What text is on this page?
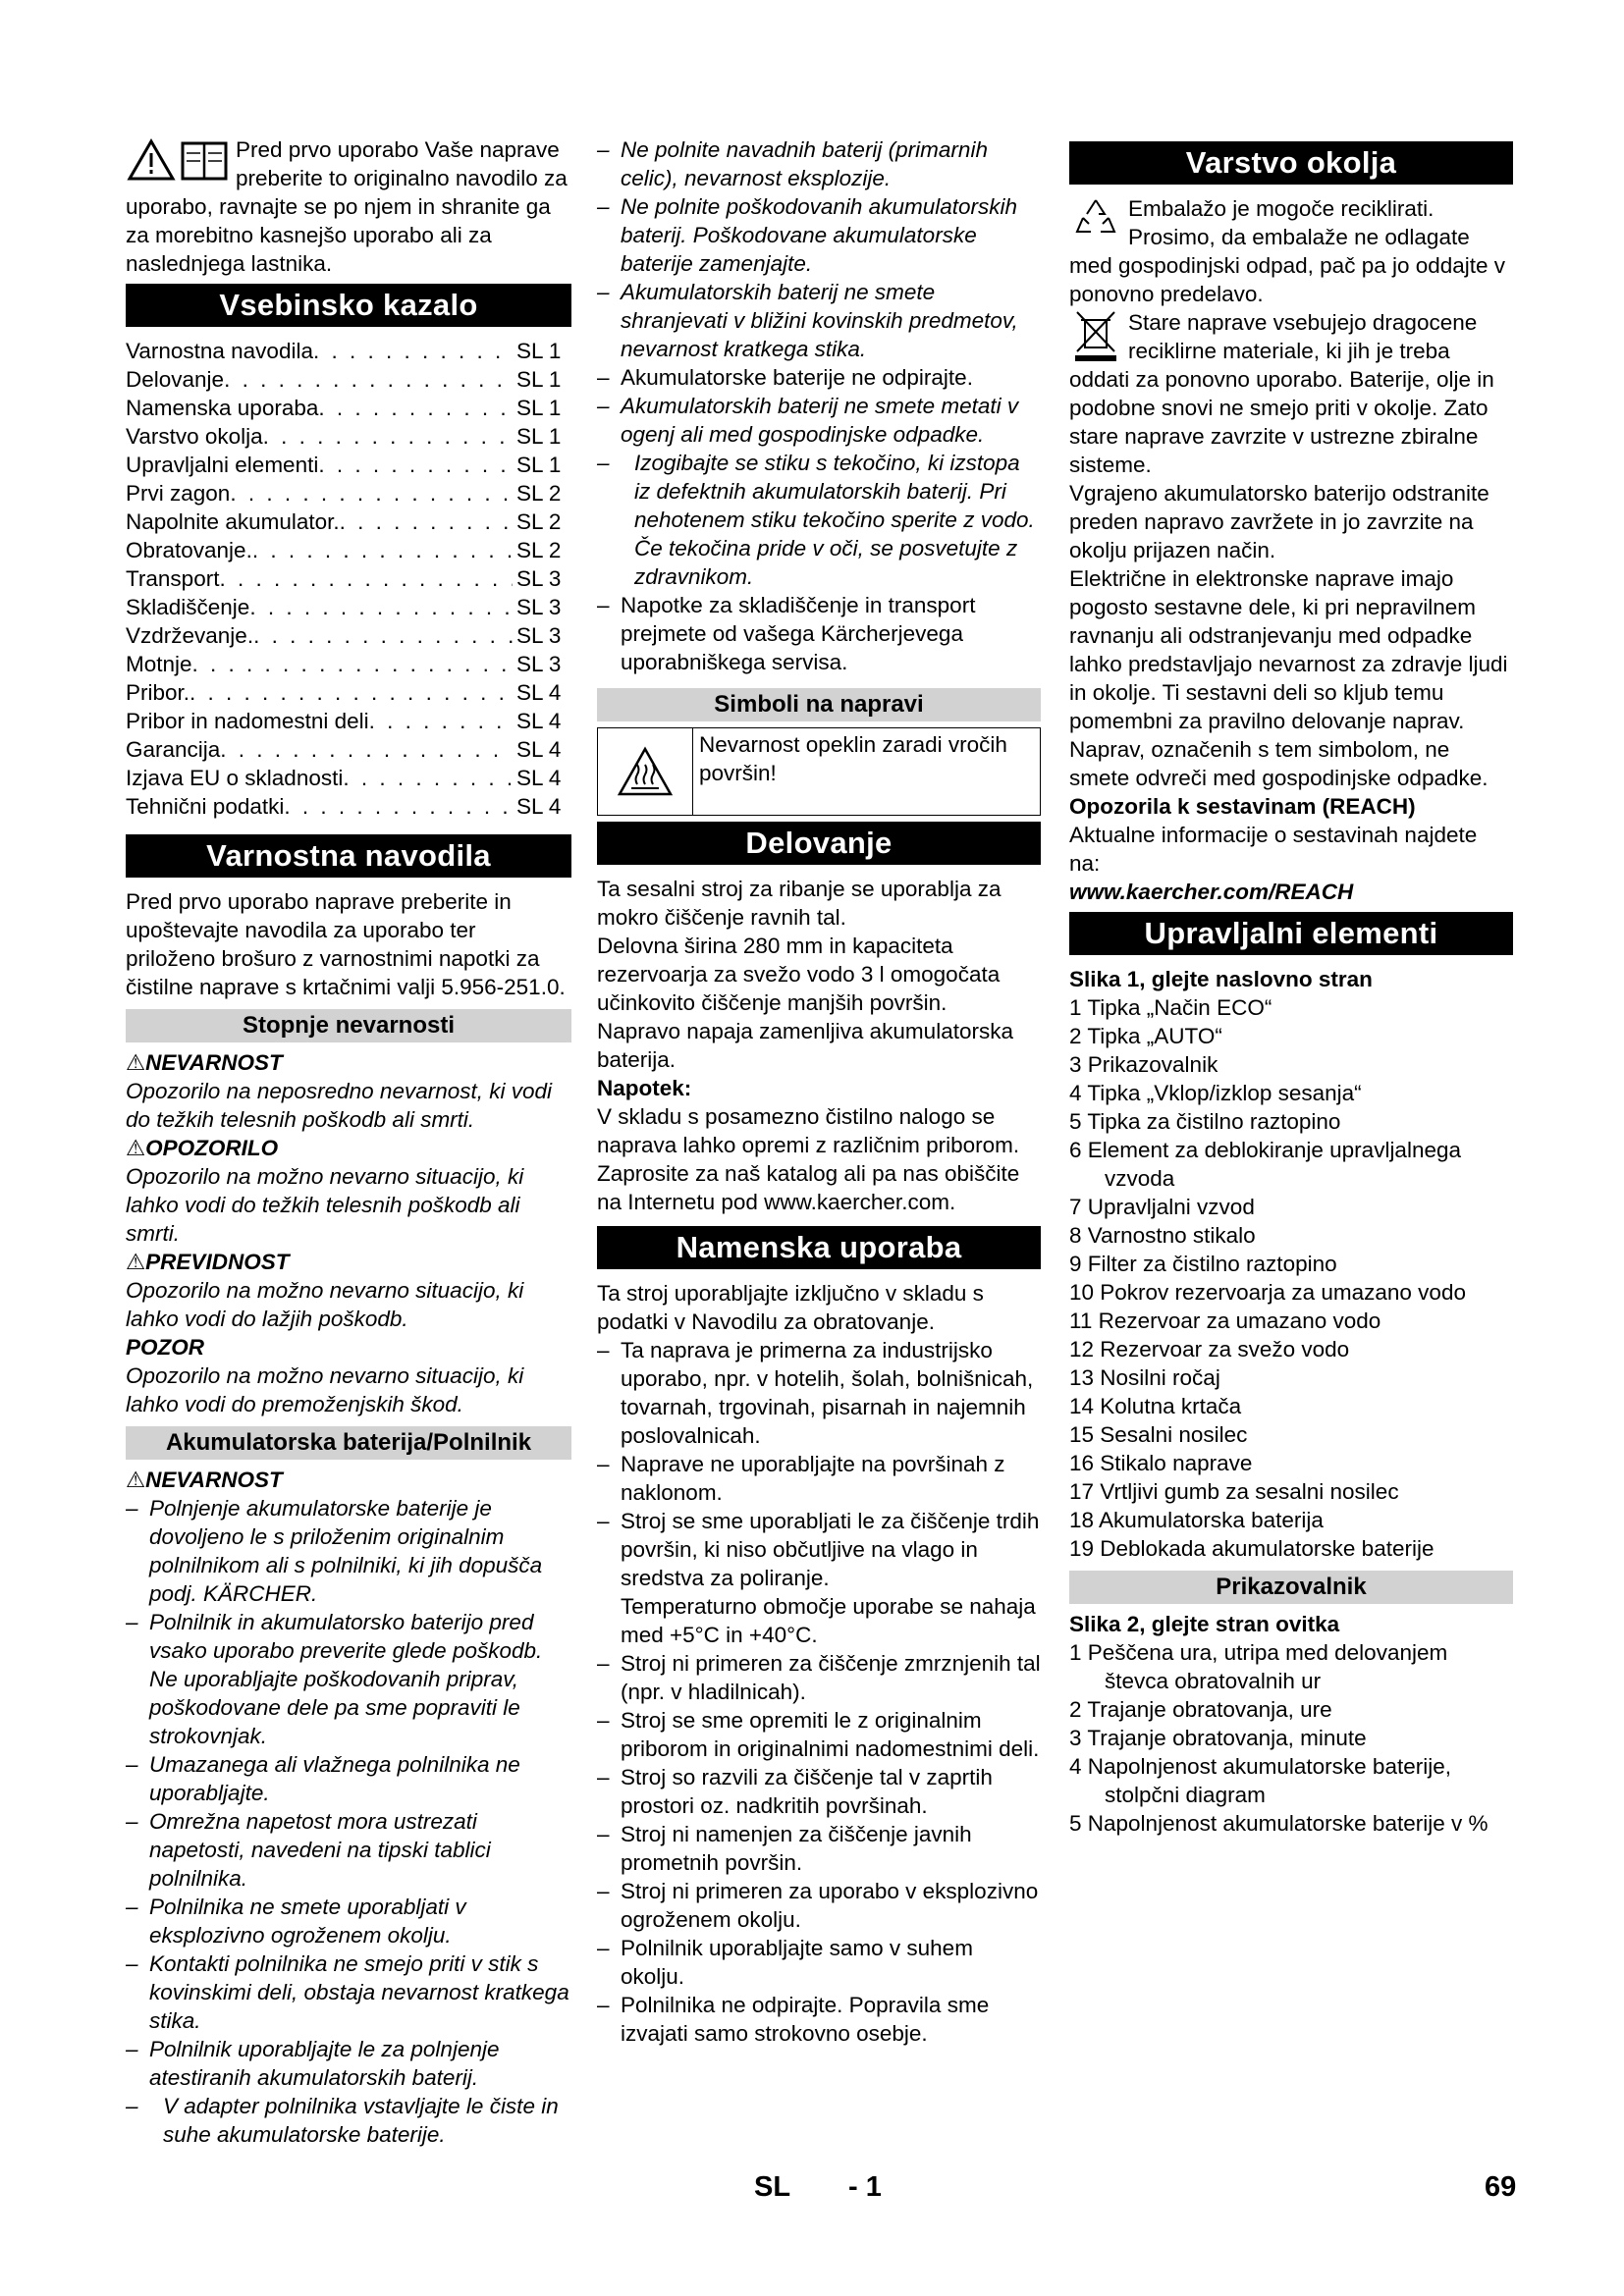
Pred prvo uporabo Vaše naprave preberite to originalno navodilo za uporabo, ravnajte se po njem in shranite ga za morebitno kasnejšo uporabo ali za naslednjega lastnika.

Vsebinsko kazalo
Varnostna navodila . . .	SL 1
Delovanje . . .	SL 1
Namenska uporaba . . .	SL 1
Varstvo okolja . . .	SL 1
Upravljalni elementi . . .	SL 1
Prvi zagon . . .	SL 2
Napolnite akumulator. . . .	SL 2
Obratovanje. . . .	SL 2
Transport . . .	SL 3
Skladiščenje . . .	SL 3
Vzdrževanje. . . .	SL 3
Motnje . . .	SL 3
Pribor. . . .	SL 4
Pribor in nadomestni deli . . .	SL 4
Garancija . . .	SL 4
Izjava EU o skladnosti . . .	SL 4
Tehnični podatki . . .	SL 4
Varnostna navodila

Pred prvo uporabo naprave preberite in upoštevajte navodila za uporabo ter priloženo brošuro z varnostnimi napotki za čistilne naprave s krtačnimi valji 5.956-251.0.

Stopnje nevarnosti

⚠NEVARNOST

Opozorilo na neposredno nevarnost, ki vodi do težkih telesnih poškodb ali smrti.

⚠OPOZORILO

Opozorilo na možno nevarno situacijo, ki lahko vodi do težkih telesnih poškodb ali smrti.

⚠PREVIDNOST

Opozorilo na možno nevarno situacijo, ki lahko vodi do lažjih poškodb.

POZOR

Opozorilo na možno nevarno situacijo, ki lahko vodi do premoženjskih škod.

Akumulatorska baterija/Polnilnik

⚠NEVARNOST

– Polnjenje akumulatorske baterije je dovoljeno le s priloženim originalnim polnilnikom ali s polnilniki, ki jih dopušča podj. KÄRCHER.

– Polnilnik in akumulatorsko baterijo pred vsako uporabo preverite glede poškodb. Ne uporabljajte poškodovanih priprav, poškodovane dele pa sme popraviti le strokovnjak.

– Umazanega ali vlažnega polnilnika ne uporabljajte.

– Omrežna napetost mora ustrezati napetosti, navedeni na tipski tablici polnilnika.

– Polnilnika ne smete uporabljati v eksplozivno ogroženem okolju.

– Kontakti polnilnika ne smejo priti v stik s kovinskimi deli, obstaja nevarnost kratkega stika.

– Polnilnik uporabljajte le za polnjenje atestiranih akumulatorskih baterij.

– V adapter polnilnika vstavljajte le čiste in suhe akumulatorske baterije.

– Ne polnite navadnih baterij (primarnih celic), nevarnost eksplozije.

– Ne polnite poškodovanih akumulatorskih baterij. Poškodovane akumulatorske baterije zamenjajte.

– Akumulatorskih baterij ne smete shranjevati v bližini kovinskih predmetov, nevarnost kratkega stika.

– Akumulatorske baterije ne odpirajte.

– Akumulatorskih baterij ne smete metati v ogenj ali med gospodinjske odpadke.

– Izogibajte se stiku s tekočino, ki izstopa iz defektnih akumulatorskih baterij. Pri nehotenem stiku tekočino sperite z vodo. Če tekočina pride v oči, se posvetujte z zdravnikom.

– Napotke za skladiščenje in transport prejmete od vašega Kärcherjevega uporabniškega servisa.

Simboli na napravi
Nevarnost opeklin zaradi vročih površin!
Delovanje

Ta sesalni stroj za ribanje se uporablja za mokro čiščenje ravnih tal.

Delovna širina 280 mm in kapaciteta rezervoarja za svežo vodo 3 l omogočata učinkovito čiščenje manjših površin.

Napravo napaja zamenljiva akumulatorska baterija.

Napotek:

V skladu s posamezno čistilno nalogo se naprava lahko opremi z različnim priborom. Zaprosite za naš katalog ali pa nas obiščite na Internetu pod www.kaercher.com.

Namenska uporaba

Ta stroj uporabljajte izključno v skladu s podatki v Navodilu za obratovanje.

– Ta naprava je primerna za industrijsko uporabo, npr. v hotelih, šolah, bolnišnicah, tovarnah, trgovinah, pisarnah in najemnih poslovalnicah.

– Naprave ne uporabljajte na površinah z naklonom.

– Stroj se sme uporabljati le za čiščenje trdih površin, ki niso občutljive na vlago in sredstva za poliranje.

Temperaturno območje uporabe se nahaja med +5°C in +40°C.

– Stroj ni primeren za čiščenje zmrznjenih tal (npr. v hladilnicah).

– Stroj se sme opremiti le z originalnim priborom in originalnimi nadomestnimi deli.

– Stroj so razvili za čiščenje tal v zaprtih prostori oz. nadkritih površinah.

– Stroj ni namenjen za čiščenje javnih prometnih površin.

– Stroj ni primeren za uporabo v eksplozivno ogroženem okolju.

– Polnilnik uporabljajte samo v suhem okolju.

– Polnilnika ne odpirajte. Popravila sme izvajati samo strokovno osebje.

Varstvo okolja

Embalažo je mogoče reciklirati. Prosimo, da embalaže ne odlagate med gospodinjski odpad, pač pa jo oddajte v ponovno predelavo.

Stare naprave vsebujejo dragocene reciklirne materiale, ki jih je treba oddati za ponovno uporabo. Baterije, olje in podobne snovi ne smejo priti v okolje. Zato stare naprave zavrzite v ustrezne zbiralne sisteme.

Vgrajeno akumulatorsko baterijo odstranite preden napravo zavržete in jo zavrzite na okolju prijazen način.

Električne in elektronske naprave imajo pogosto sestavne dele, ki pri nepravilnem ravnanju ali odstranjevanju med odpadke lahko predstavljajo nevarnost za zdravje ljudi in okolje. Ti sestavni deli so kljub temu pomembni za pravilno delovanje naprav. Naprav, označenih s tem simbolom, ne smete odvreči med gospodinjske odpadke.

Opozorila k sestavinam (REACH)

Aktualne informacije o sestavinah najdete na:

www.kaercher.com/REACH

Upravljalni elementi

Slika 1, glejte naslovno stran

1 Tipka „Način ECO“

2 Tipka „AUTO“

3 Prikazovalnik

4 Tipka „Vklop/izklop sesanja“

5 Tipka za čistilno raztopino

6 Element za deblokiranje upravljalnega vzvoda

7 Upravljalni vzvod

8 Varnostno stikalo

9 Filter za čistilno raztopino

10 Pokrov rezervoarja za umazano vodo

11 Rezervoar za umazano vodo

12 Rezervoar za svežo vodo

13 Nosilni ročaj

14 Kolutna krtača

15 Sesalni nosilec

16 Stikalo naprave

17 Vrtljivi gumb za sesalni nosilec

18 Akumulatorska baterija

19 Deblokada akumulatorske baterije

Prikazovalnik

Slika 2, glejte stran ovitka

1 Peščena ura, utripa med delovanjem števca obratovalnih ur

2 Trajanje obratovanja, ure

3 Trajanje obratovanja, minute

4 Napolnjenost akumulatorske baterije, stolpčni diagram

5 Napolnjenost akumulatorske baterije v %

SL - 1	69
